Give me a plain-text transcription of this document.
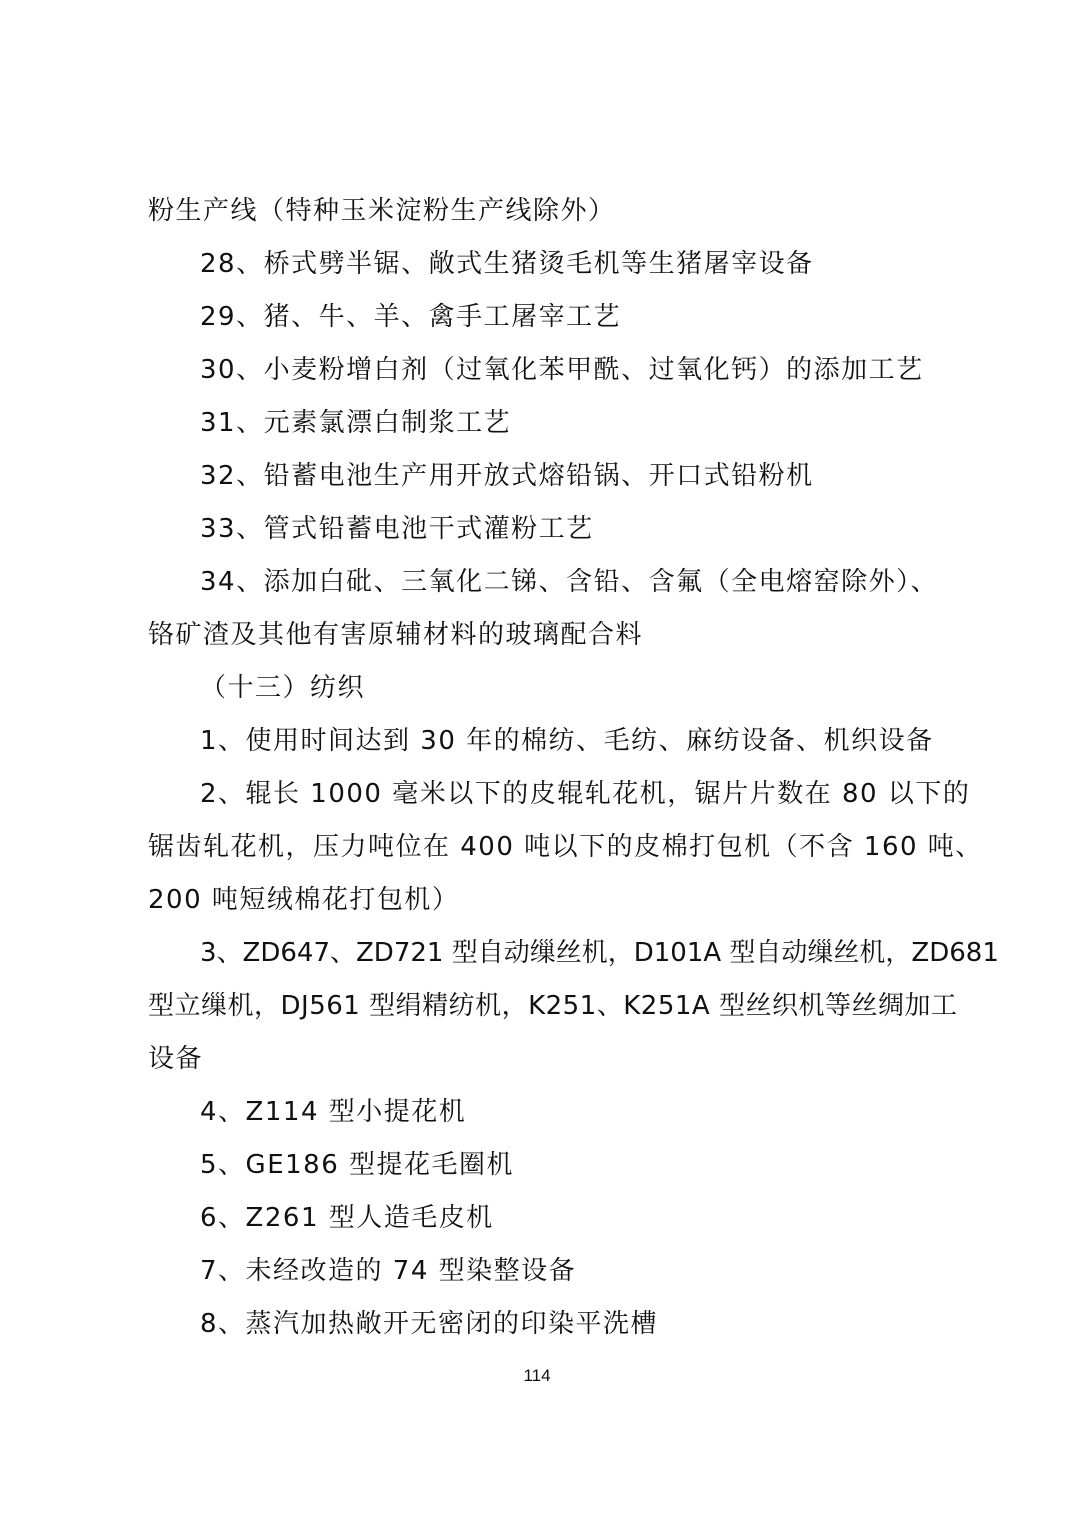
粉生产线（特种玉米淀粉生产线除外）
28、桥式劈半锯、敞式生猪烫毛机等生猪屠宰设备
29、猪、牛、羊、禽手工屠宰工艺
30、小麦粉增白剂（过氧化苯甲酰、过氧化钙）的添加工艺
31、元素氯漂白制浆工艺
32、铅蓄电池生产用开放式熔铅锅、开口式铅粉机
33、管式铅蓄电池干式灌粉工艺
34、添加白砒、三氧化二锑、含铅、含氟（全电熔窑除外）、
铬矿渣及其他有害原辅材料的玻璃配合料
（十三）纺织
1、使用时间达到 30 年的棉纺、毛纺、麻纺设备、机织设备
2、辊长 1000 毫米以下的皮辊轧花机，锯片片数在 80 以下的
锯齿轧花机，压力吨位在 400 吨以下的皮棉打包机（不含 160 吨、
200 吨短绒棉花打包机）
3、ZD647、ZD721 型自动缫丝机，D101A 型自动缫丝机，ZD681
型立缫机，DJ561 型绢精纺机，K251、K251A 型丝织机等丝绸加工
设备
4、Z114 型小提花机
5、GE186 型提花毛圈机
6、Z261 型人造毛皮机
7、未经改造的 74 型染整设备
8、蒸汽加热敞开无密闭的印染平洗槽
114
